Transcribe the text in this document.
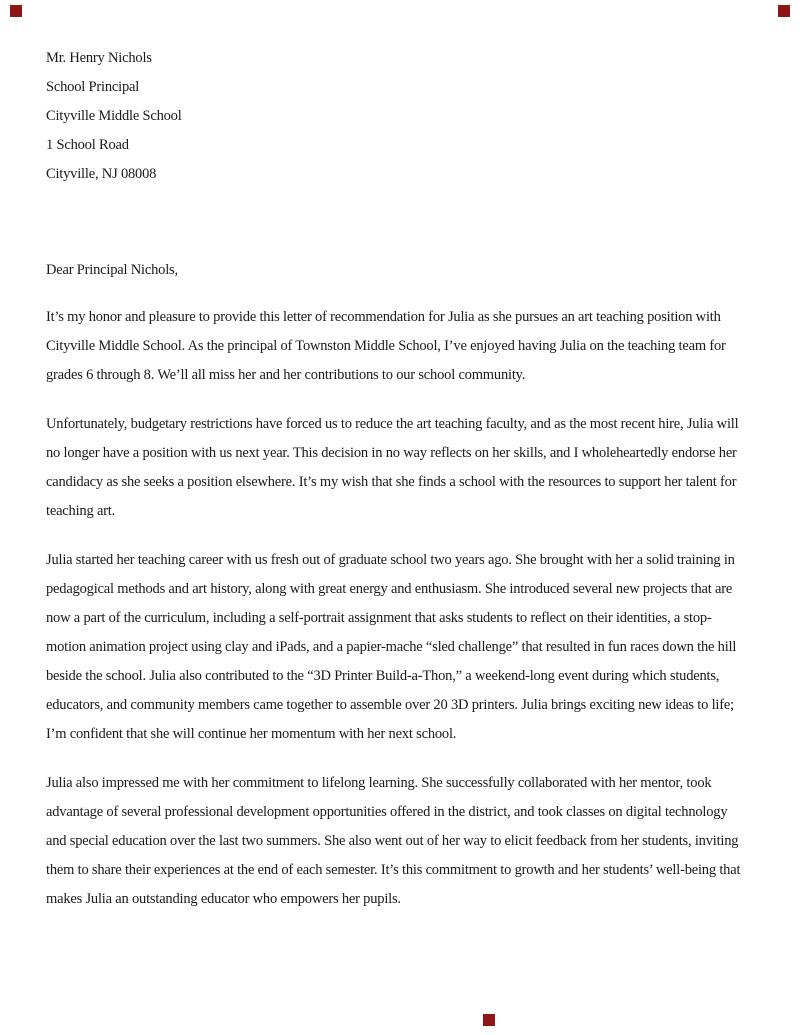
Mr. Henry Nichols

School Principal

Cityville Middle School

1 School Road

Cityville, NJ 08008

Dear Principal Nichols,

It’s my honor and pleasure to provide this letter of recommendation for Julia as she pursues an art teaching position with Cityville Middle School. As the principal of Townston Middle School, I’ve enjoyed having Julia on the teaching team for grades 6 through 8. We’ll all miss her and her contributions to our school community.

Unfortunately, budgetary restrictions have forced us to reduce the art teaching faculty, and as the most recent hire, Julia will no longer have a position with us next year. This decision in no way reflects on her skills, and I wholeheartedly endorse her candidacy as she seeks a position elsewhere. It’s my wish that she finds a school with the resources to support her talent for teaching art.

Julia started her teaching career with us fresh out of graduate school two years ago. She brought with her a solid training in pedagogical methods and art history, along with great energy and enthusiasm. She introduced several new projects that are now a part of the curriculum, including a self-portrait assignment that asks students to reflect on their identities, a stop-motion animation project using clay and iPads, and a papier-mache “sled challenge” that resulted in fun races down the hill beside the school. Julia also contributed to the “3D Printer Build-a-Thon,” a weekend-long event during which students, educators, and community members came together to assemble over 20 3D printers. Julia brings exciting new ideas to life; I’m confident that she will continue her momentum with her next school.

Julia also impressed me with her commitment to lifelong learning. She successfully collaborated with her mentor, took advantage of several professional development opportunities offered in the district, and took classes on digital technology and special education over the last two summers. She also went out of her way to elicit feedback from her students, inviting them to share their experiences at the end of each semester. It’s this commitment to growth and her students’ well-being that makes Julia an outstanding educator who empowers her pupils.
